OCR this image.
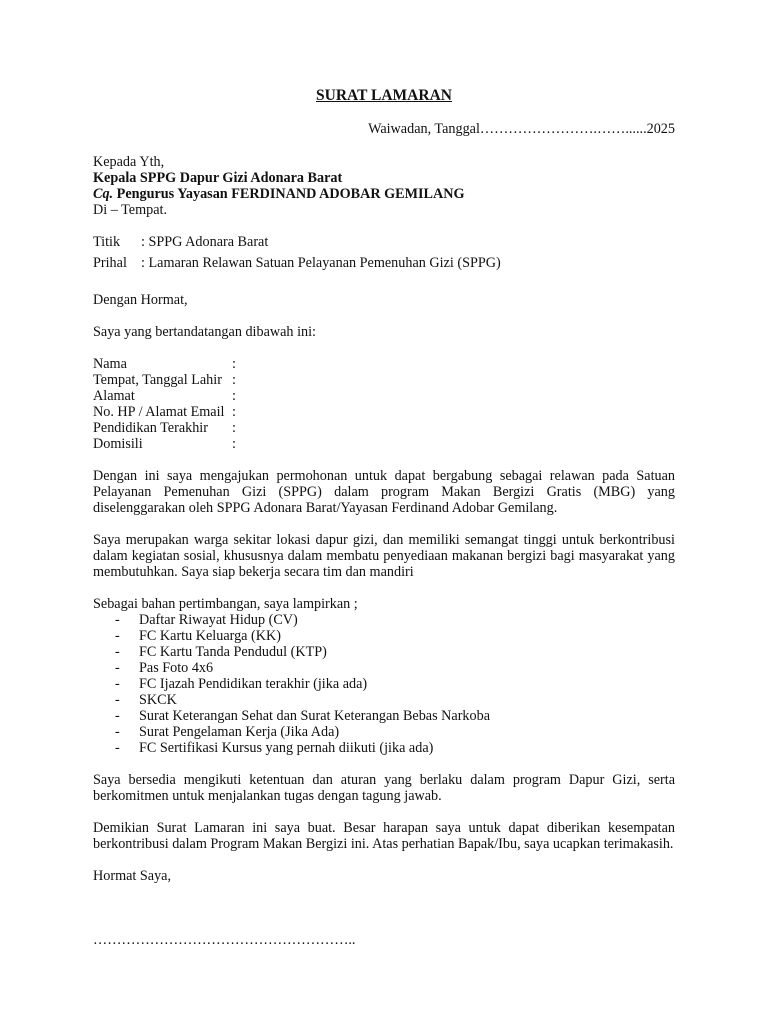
SURAT LAMARAN
Waiwadan, Tanggal…………………….……......2025

Kepada Yth,

Kepala SPPG Dapur Gizi Adonara Barat

Cq. Pengurus Yayasan FERDINAND ADOBAR GEMILANG

Di – Tempat.

Titik	: SPPG Adonara Barat
Prihal : Lamaran Relawan Satuan Pelayanan Pemenuhan Gizi (SPPG)

Dengan Hormat,

Saya yang bertandatangan dibawah ini:

Nama	:
Tempat, Tanggal Lahir :
Alamat	:
No. HP / Alamat Email :
Pendidikan Terakhir	:
Domisili	:

Dengan ini saya mengajukan permohonan untuk dapat bergabung sebagai relawan pada Satuan Pelayanan Pemenuhan Gizi (SPPG) dalam program Makan Bergizi Gratis (MBG) yang diselenggarakan oleh SPPG Adonara Barat/Yayasan Ferdinand Adobar Gemilang.

Saya merupakan warga sekitar lokasi dapur gizi, dan memiliki semangat tinggi untuk berkontribusi dalam kegiatan sosial, khususnya dalam membatu penyediaan makanan bergizi bagi masyarakat yang membutuhkan. Saya siap bekerja secara tim dan mandiri

Sebagai bahan pertimbangan, saya lampirkan ;

-	Daftar Riwayat Hidup (CV)
-	FC Kartu Keluarga (KK)
-	FC Kartu Tanda Pendudul (KTP)
-	Pas Foto 4x6
-	FC Ijazah Pendidikan terakhir (jika ada)
-	SKCK
-	Surat Keterangan Sehat dan Surat Keterangan Bebas Narkoba
-	Surat Pengelaman Kerja (Jika Ada)
-	FC Sertifikasi Kursus yang pernah diikuti (jika ada)

Saya bersedia mengikuti ketentuan dan aturan yang berlaku dalam program Dapur Gizi, serta berkomitmen untuk menjalankan tugas dengan tagung jawab.

Demikian Surat Lamaran ini saya buat. Besar harapan saya untuk dapat diberikan kesempatan berkontribusi dalam Program Makan Bergizi ini. Atas perhatian Bapak/Ibu, saya ucapkan terimakasih.

Hormat Saya,

………………………………………………..
